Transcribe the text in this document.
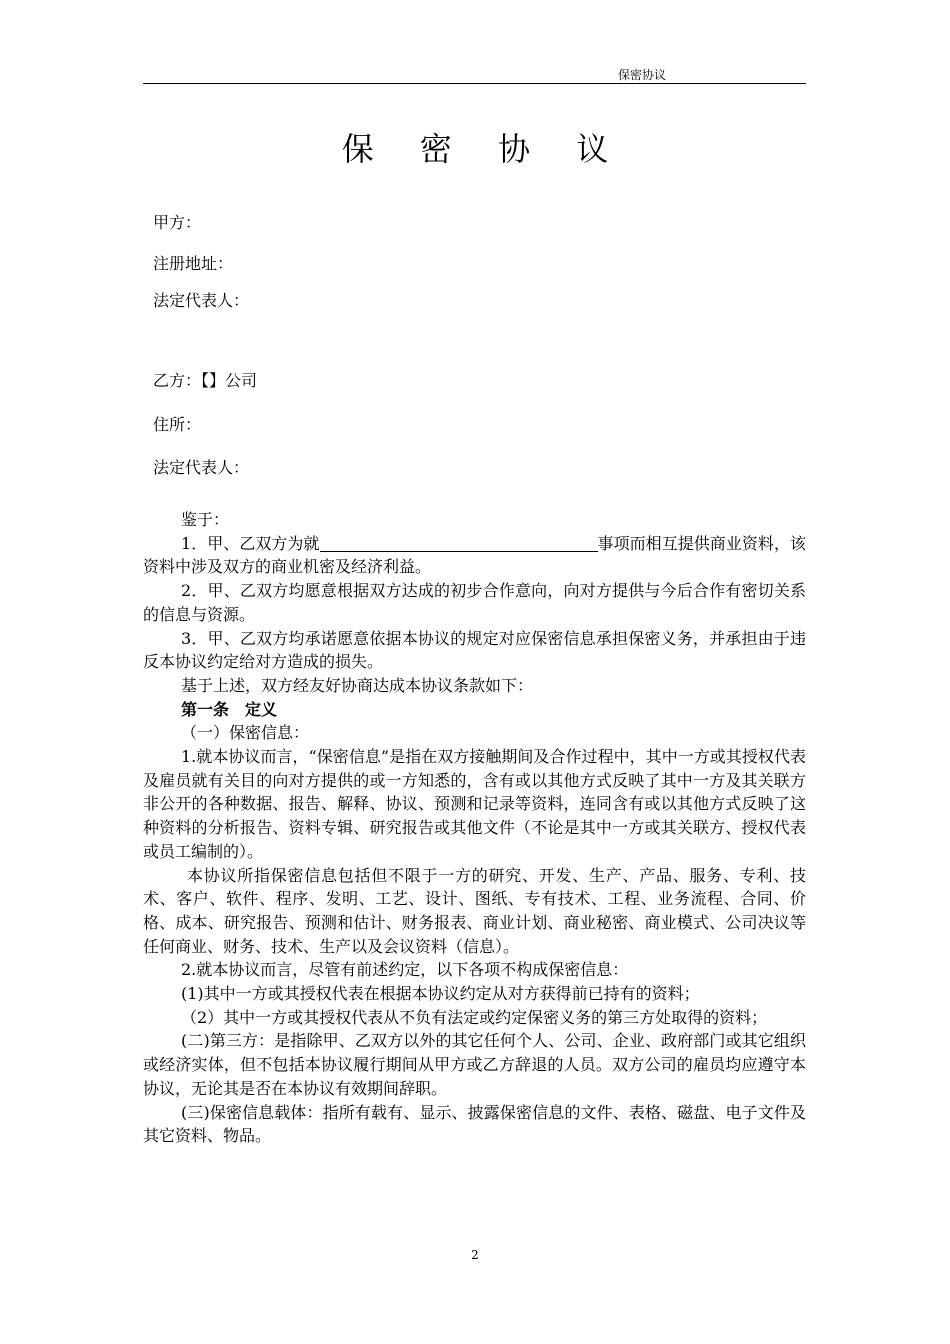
保密协议
保 密 协 议
甲方：
注册地址：
法定代表人：
乙方：【】公司
住所：
法定代表人：

鉴于：

1．甲、乙双方为就	事项而相互提供商业资料，该资料中涉及双方的商业机密及经济利益。

2．甲、乙双方均愿意根据双方达成的初步合作意向，向对方提供与今后合作有密切关系的信息与资源。

3．甲、乙双方均承诺愿意依据本协议的规定对应保密信息承担保密义务，并承担由于违反本协议约定给对方造成的损失。

基于上述，双方经友好协商达成本协议条款如下：

第一条　定义

（一）保密信息：

1.就本协议而言，“保密信息”是指在双方接触期间及合作过程中，其中一方或其授权代表及雇员就有关目的向对方提供的或一方知悉的，含有或以其他方式反映了其中一方及其关联方非公开的各种数据、报告、解释、协议、预测和记录等资料，连同含有或以其他方式反映了这种资料的分析报告、资料专辑、研究报告或其他文件（不论是其中一方或其关联方、授权代表或员工编制的）。

本协议所指保密信息包括但不限于一方的研究、开发、生产、产品、服务、专利、技术、客户、软件、程序、发明、工艺、设计、图纸、专有技术、工程、业务流程、合同、价格、成本、研究报告、预测和估计、财务报表、商业计划、商业秘密、商业模式、公司决议等任何商业、财务、技术、生产以及会议资料（信息）。

2.就本协议而言，尽管有前述约定，以下各项不构成保密信息：

(1)其中一方或其授权代表在根据本协议约定从对方获得前已持有的资料；

（2）其中一方或其授权代表从不负有法定或约定保密义务的第三方处取得的资料；

(二)第三方：是指除甲、乙双方以外的其它任何个人、公司、企业、政府部门或其它组织或经济实体，但不包括本协议履行期间从甲方或乙方辞退的人员。双方公司的雇员均应遵守本协议，无论其是否在本协议有效期间辞职。

(三)保密信息载体：指所有载有、显示、披露保密信息的文件、表格、磁盘、电子文件及其它资料、物品。

2
